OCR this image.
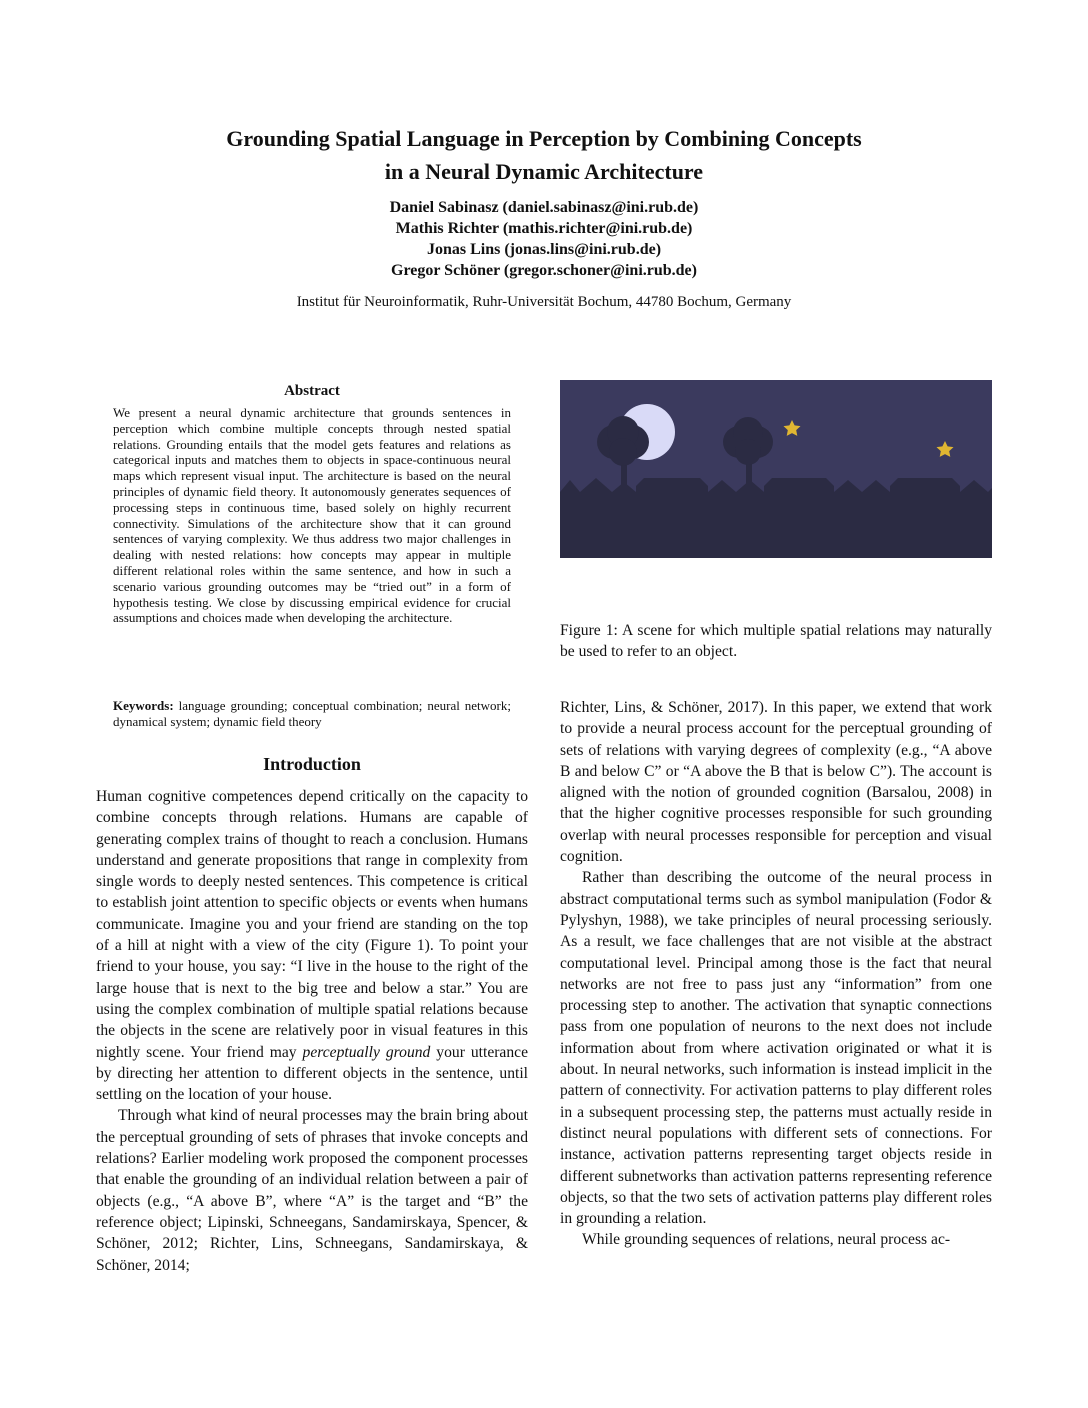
Grounding Spatial Language in Perception by Combining Concepts
in a Neural Dynamic Architecture
Daniel Sabinasz (daniel.sabinasz@ini.rub.de)
Mathis Richter (mathis.richter@ini.rub.de)
Jonas Lins (jonas.lins@ini.rub.de)
Gregor Schöner (gregor.schoner@ini.rub.de)
Institut für Neuroinformatik, Ruhr-Universität Bochum, 44780 Bochum, Germany
Abstract
We present a neural dynamic architecture that grounds sentences in perception which combine multiple concepts through nested spatial relations. Grounding entails that the model gets features and relations as categorical inputs and matches them to objects in space-continuous neural maps which represent visual input. The architecture is based on the neural principles of dynamic field theory. It autonomously generates sequences of processing steps in continuous time, based solely on highly recurrent connectivity. Simulations of the architecture show that it can ground sentences of varying complexity. We thus address two major challenges in dealing with nested relations: how concepts may appear in multiple different relational roles within the same sentence, and how in such a scenario various grounding outcomes may be “tried out” in a form of hypothesis testing. We close by discussing empirical evidence for crucial assumptions and choices made when developing the architecture.
Keywords: language grounding; conceptual combination; neural network; dynamical system; dynamic field theory
Introduction

Human cognitive competences depend critically on the capacity to combine concepts through relations. Humans are capable of generating complex trains of thought to reach a conclusion. Humans understand and generate propositions that range in complexity from single words to deeply nested sentences. This competence is critical to establish joint attention to specific objects or events when humans communicate. Imagine you and your friend are standing on the top of a hill at night with a view of the city (Figure 1). To point your friend to your house, you say: “I live in the house to the right of the large house that is next to the big tree and below a star.” You are using the complex combination of multiple spatial relations because the objects in the scene are relatively poor in visual features in this nightly scene. Your friend may perceptually ground your utterance by directing her attention to different objects in the sentence, until settling on the location of your house.

Through what kind of neural processes may the brain bring about the perceptual grounding of sets of phrases that invoke concepts and relations? Earlier modeling work proposed the component processes that enable the grounding of an individual relation between a pair of objects (e.g., “A above B”, where “A” is the target and “B” the reference object; Lipinski, Schneegans, Sandamirskaya, Spencer, & Schöner, 2012; Richter, Lins, Schneegans, Sandamirskaya, & Schöner, 2014;

Figure 1: A scene for which multiple spatial relations may naturally be used to refer to an object.

Richter, Lins, & Schöner, 2017). In this paper, we extend that work to provide a neural process account for the perceptual grounding of sets of relations with varying degrees of complexity (e.g., “A above B and below C” or “A above the B that is below C”). The account is aligned with the notion of grounded cognition (Barsalou, 2008) in that the higher cognitive processes responsible for such grounding overlap with neural processes responsible for perception and visual cognition.

Rather than describing the outcome of the neural process in abstract computational terms such as symbol manipulation (Fodor & Pylyshyn, 1988), we take principles of neural processing seriously. As a result, we face challenges that are not visible at the abstract computational level. Principal among those is the fact that neural networks are not free to pass just any “information” from one processing step to another. The activation that synaptic connections pass from one population of neurons to the next does not include information about from where activation originated or what it is about. In neural networks, such information is instead implicit in the pattern of connectivity. For activation patterns to play different roles in a subsequent processing step, the patterns must actually reside in distinct neural populations with different sets of connections. For instance, activation patterns representing target objects reside in different subnetworks than activation patterns representing reference objects, so that the two sets of activation patterns play different roles in grounding a relation.

While grounding sequences of relations, neural process ac-
